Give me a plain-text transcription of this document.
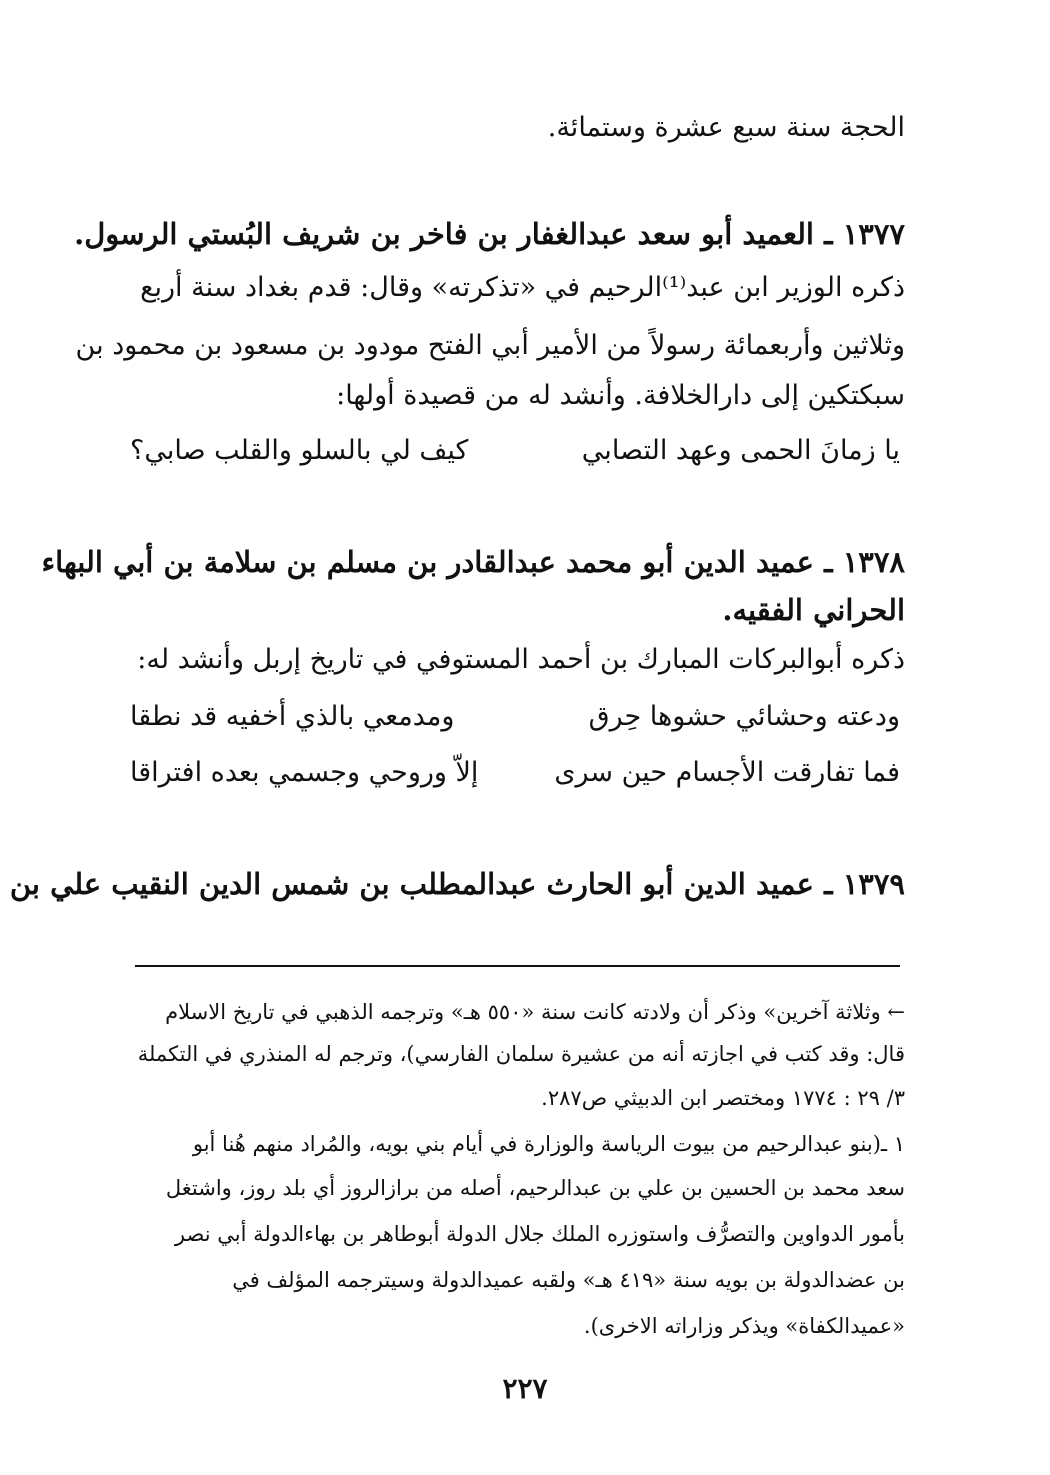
الحجة سنة سبع عشرة وستمائة.
١٣٧٧ ـ العميد أبو سعد عبدالغفار بن فاخر بن شريف البُستي الرسول.
ذكره الوزير ابن عبد⁽¹⁾الرحيم في «تذكرته» وقال: قدم بغداد سنة أربع
وثلاثين وأربعمائة رسولاً من الأمير أبي الفتح مودود بن مسعود بن محمود بن
سبكتكين إلى دارالخلافة. وأنشد له من قصيدة أولها:
يا زمانَ الحمى وعهد التصابي
كيف لي بالسلو والقلب صابي؟
١٣٧٨ ـ عميد الدين أبو محمد عبدالقادر بن مسلم بن سلامة بن أبي البهاء
الحراني الفقيه.
ذكره أبوالبركات المبارك بن أحمد المستوفي في تاريخ إربل وأنشد له:
ودعته وحشائي حشوها حِرق
ومدمعي بالذي أخفيه قد نطقا
فما تفارقت الأجسام حين سرى
إلاّ وروحي وجسمي بعده افتراقا
١٣٧٩ ـ عميد الدين أبو الحارث عبدالمطلب بن شمس الدين النقيب علي بن
← وثلاثة آخرين» وذكر أن ولادته كانت سنة «٥٥٠ هـ» وترجمه الذهبي في تاريخ الاسلام
قال: وقد كتب في اجازته أنه من عشيرة سلمان الفارسي)، وترجم له المنذري في التكملة
٣/ ٢٩ : ١٧٧٤ ومختصر ابن الدبيثي ص٢٨٧.
١ ـ(بنو عبدالرحيم من بيوت الرياسة والوزارة في أيام بني بويه، والمُراد منهم هُنا أبو
سعد محمد بن الحسين بن علي بن عبدالرحيم، أصله من برازالروز أي بلد روز، واشتغل
بأمور الدواوين والتصرُّف واستوزره الملك جلال الدولة أبوطاهر بن بهاءالدولة أبي نصر
بن عضدالدولة بن بويه سنة «٤١٩ هـ» ولقبه عميدالدولة وسيترجمه المؤلف في
«عميدالكفاة» ويذكر وزاراته الاخرى).
٢٢٧
